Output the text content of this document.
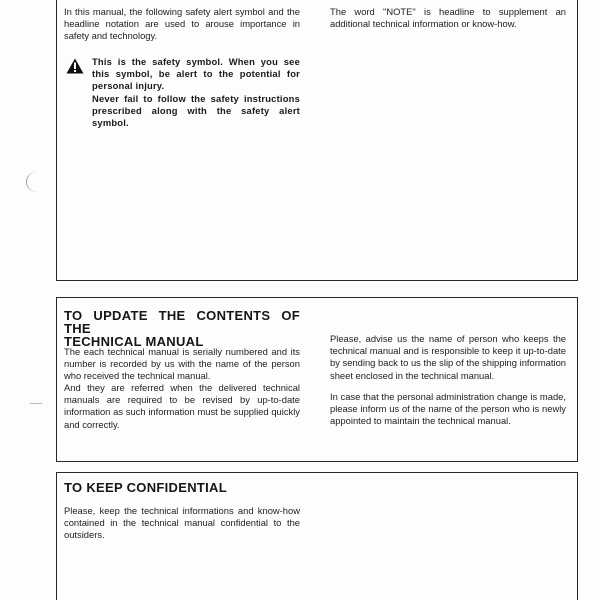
In this manual, the following safety alert symbol and the headline notation are used to arouse importance in safety and technology.
The word "NOTE" is headline to supplement an additional technical information or know-how.
This is the safety symbol. When you see
this symbol, be alert to the potential for
personal injury.
Never fail to follow the safety instructions
prescribed along with the safety alert
symbol.
TO UPDATE THE CONTENTS OF THE
TECHNICAL MANUAL
The each technical manual is serially numbered and its number is recorded by us with the name of the person who received the technical manual.
And they are referred when the delivered technical manuals are required to be revised by up-to-date information as such information must be supplied quickly and correctly.
Please, advise us the name of person who keeps the technical manual and is responsible to keep it up-to-date by sending back to us the slip of the shipping information sheet enclosed in the technical manual.
In case that the personal administration change is made, please inform us of the name of the person who is newly appointed to maintain the technical manual.
TO KEEP CONFIDENTIAL
Please, keep the technical informations and know-how contained in the technical manual confidential to the outsiders.
